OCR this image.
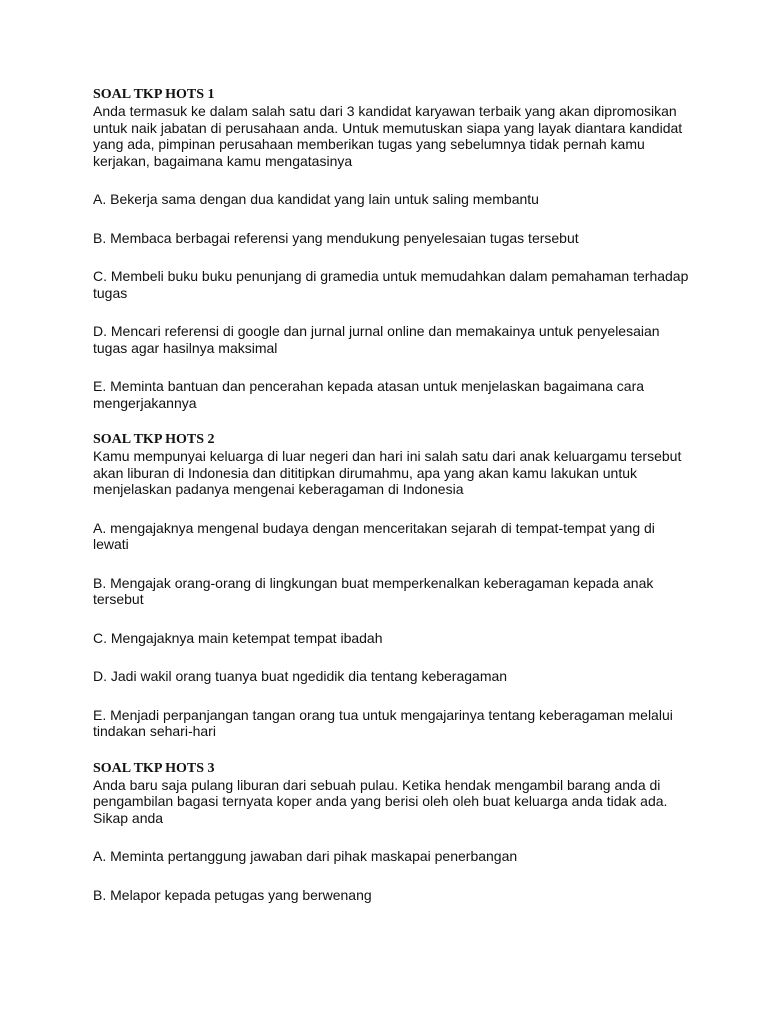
SOAL TKP HOTS 1

Anda termasuk ke dalam salah satu dari 3 kandidat karyawan terbaik yang akan dipromosikan untuk naik jabatan di perusahaan anda. Untuk memutuskan siapa yang layak diantara kandidat yang ada, pimpinan perusahaan memberikan tugas yang sebelumnya tidak pernah kamu kerjakan, bagaimana kamu mengatasinya

A. Bekerja sama dengan dua kandidat yang lain untuk saling membantu

B. Membaca berbagai referensi yang mendukung penyelesaian tugas tersebut

C. Membeli buku buku penunjang di gramedia untuk memudahkan dalam pemahaman terhadap tugas

D. Mencari referensi di google dan jurnal jurnal online dan memakainya untuk penyelesaian tugas agar hasilnya maksimal

E. Meminta bantuan dan pencerahan kepada atasan untuk menjelaskan bagaimana cara mengerjakannya

SOAL TKP HOTS 2

Kamu mempunyai keluarga di luar negeri dan hari ini salah satu dari anak keluargamu tersebut akan liburan di Indonesia dan dititipkan dirumahmu, apa yang akan kamu lakukan untuk menjelaskan padanya mengenai keberagaman di Indonesia

A. mengajaknya mengenal budaya dengan menceritakan sejarah di tempat-tempat yang di lewati

B. Mengajak orang-orang di lingkungan buat memperkenalkan keberagaman kepada anak tersebut

C. Mengajaknya main ketempat tempat ibadah

D. Jadi wakil orang tuanya buat ngedidik dia tentang keberagaman

E. Menjadi perpanjangan tangan orang tua untuk mengajarinya tentang keberagaman melalui tindakan sehari-hari

SOAL TKP HOTS 3

Anda baru saja pulang liburan dari sebuah pulau. Ketika hendak mengambil barang anda di pengambilan bagasi ternyata koper anda yang berisi oleh oleh buat keluarga anda tidak ada. Sikap anda

A. Meminta pertanggung jawaban dari pihak maskapai penerbangan

B. Melapor kepada petugas yang berwenang
